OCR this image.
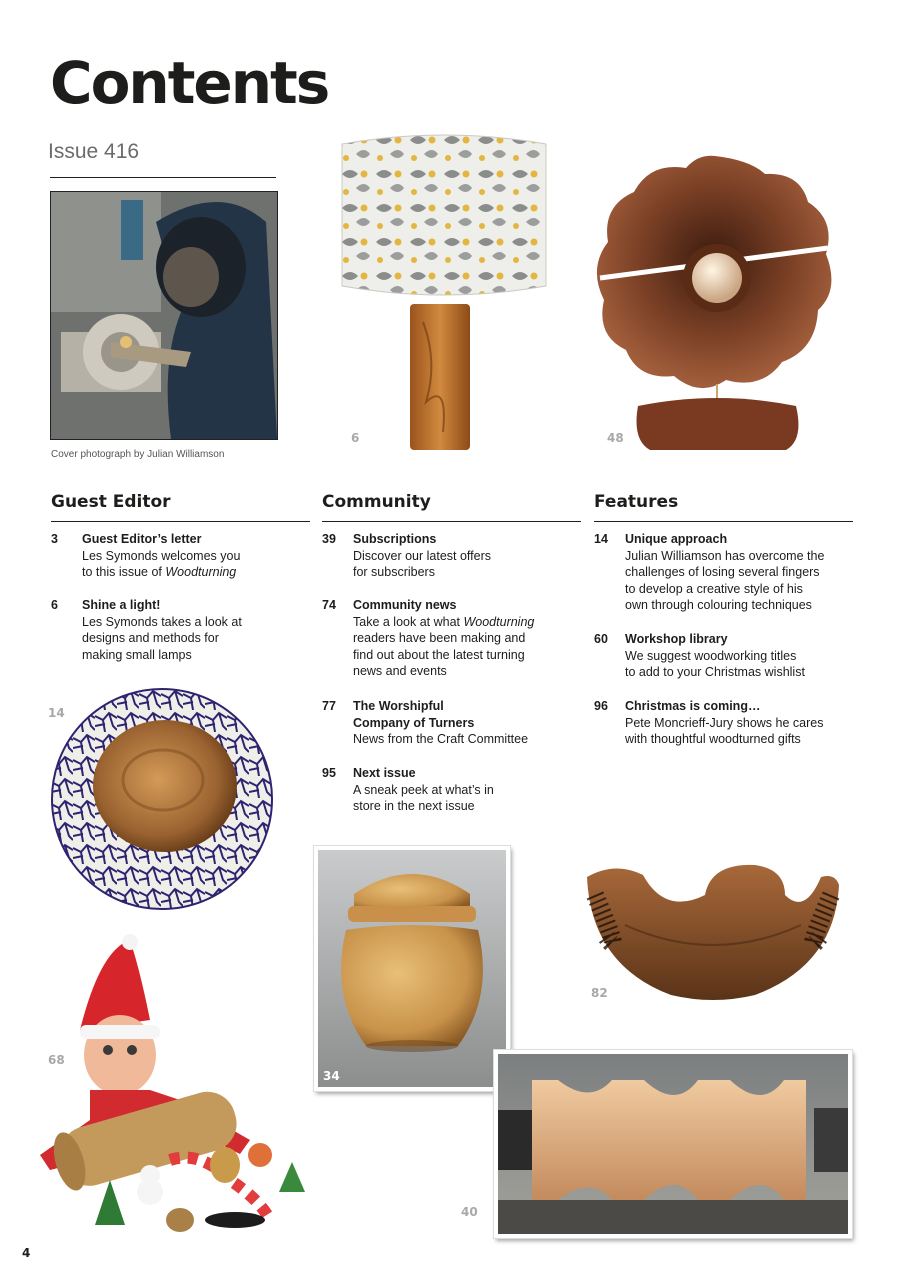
Contents

Issue 416

Cover photograph by Julian Williamson
6	48
Guest Editor
3 Guest Editor’s letter
Les Symonds welcomes you
to this issue of Woodturning
6 Shine a light!
Les Symonds takes a look at
designs and methods for
making small lamps
Community
39 Subscriptions
Discover our latest offers
for subscribers
74 Community news
Take a look at what Woodturning
readers have been making and
find out about the latest turning
news and events
77 The Worshipful
Company of Turners
News from the Craft Committee
95 Next issue
A sneak peek at what’s in
store in the next issue
Features
14 Unique approach
Julian Williamson has overcome the
challenges of losing several fingers
to develop a creative style of his
own through colouring techniques
60 Workshop library
We suggest woodworking titles
to add to your Christmas wishlist
96 Christmas is coming…
Pete Moncrieff-Jury shows he cares
with thoughtful woodturned gifts
14
68
34
82
40
4
